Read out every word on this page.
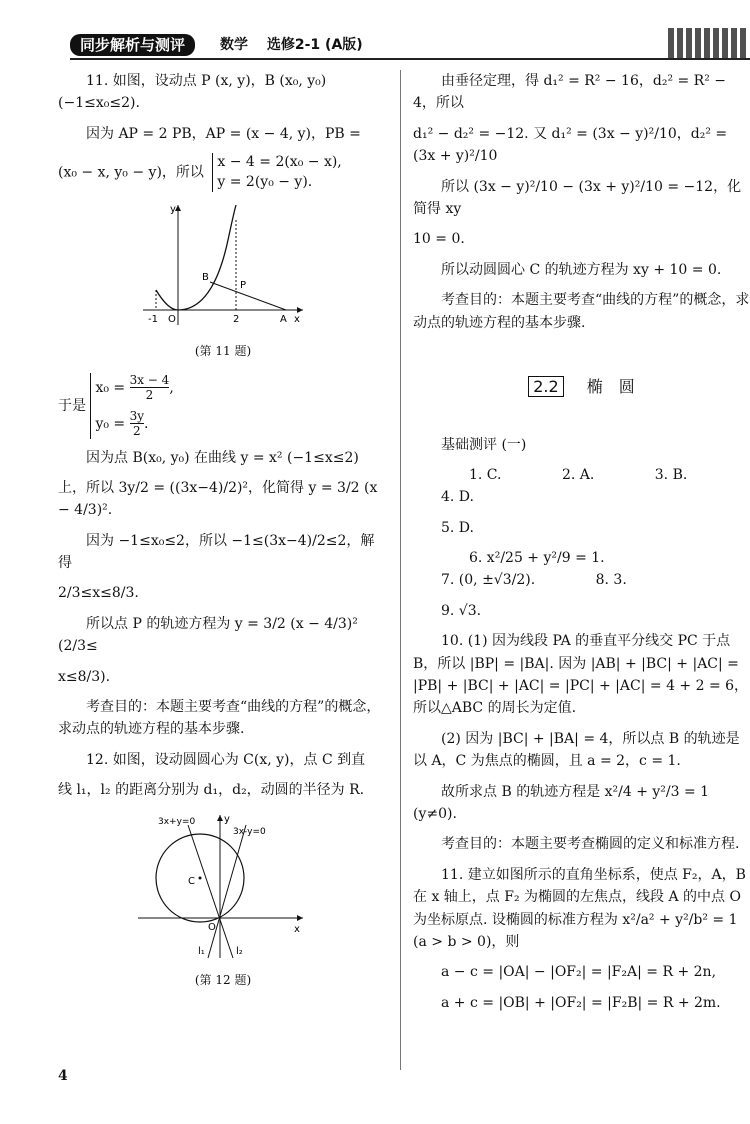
同步解析与测评	数学 选修2-1 (A版)

11. 如图，设动点 P (x, y)，B (x₀, y₀) (−1≤x₀≤2).

因为 AP = 2 PB，AP = (x − 4, y)，PB =

(x₀ − x, y₀ − y)，所以
x − 4 = 2(x₀ − x),
y = 2(y₀ − y).

y
x
O
-1	2	A
B
P
(第 11 题)

于是
$x_0 = \frac{3x - 4}{2}$ ,
$y_0 = \frac{3y}{2}$ .

因为点 B(x₀, y₀) 在曲线 y = x² (−1≤x≤2)

上，所以 3y/2 = ((3x−4)/2)²，化简得 y = 3/2 (x − 4/3)².

因为 −1≤x₀≤2，所以 −1≤(3x−4)/2≤2，解得

2/3≤x≤8/3.

所以点 P 的轨迹方程为 y = 3/2 (x − 4/3)² (2/3≤

x≤8/3).

考查目的：本题主要考查“曲线的方程”的概念，求动点的轨迹方程的基本步骤.

12. 如图，设动圆圆心为 C(x, y)，点 C 到直

线 l₁，l₂ 的距离分别为 d₁，d₂，动圆的半径为 R.

y
x
O
C
l₁	l₂
3x+y=0
3x-y=0
(第 12 题)

由垂径定理，得 d₁² = R² − 16，d₂² = R² − 4，所以

d₁² − d₂² = −12. 又 d₁² = (3x − y)²/10，d₂² = (3x + y)²/10

所以 (3x − y)²/10 − (3x + y)²/10 = −12，化简得 xy

10 = 0.

所以动圆圆心 C 的轨迹方程为 xy + 10 = 0.

考查目的：本题主要考查“曲线的方程”的概念，求动点的轨迹方程的基本步骤.

2.2 椭　圆

基础测评 (一)

1. C.	2. A.	3. B. 4. D.

5. D.

6. x²/25 + y²/9 = 1. 7. (0, ±√3/2).	8. 3.

9. √3.

10. (1) 因为线段 PA 的垂直平分线交 PC 于点 B，所以 |BP| = |BA|. 因为 |AB| + |BC| + |AC| = |PB| + |BC| + |AC| = |PC| + |AC| = 4 + 2 = 6，所以△ABC 的周长为定值.

(2) 因为 |BC| + |BA| = 4，所以点 B 的轨迹是以 A，C 为焦点的椭圆，且 a = 2，c = 1.

故所求点 B 的轨迹方程是 x²/4 + y²/3 = 1 (y≠0).

考查目的：本题主要考查椭圆的定义和标准方程.

11. 建立如图所示的直角坐标系，使点 F₂，A，B 在 x 轴上，点 F₂ 为椭圆的左焦点，线段 A 的中点 O 为坐标原点. 设椭圆的标准方程为 x²/a² + y²/b² = 1 (a > b > 0)，则

a − c = |OA| − |OF₂| = |F₂A| = R + 2n,

a + c = |OB| + |OF₂| = |F₂B| = R + 2m.

4
